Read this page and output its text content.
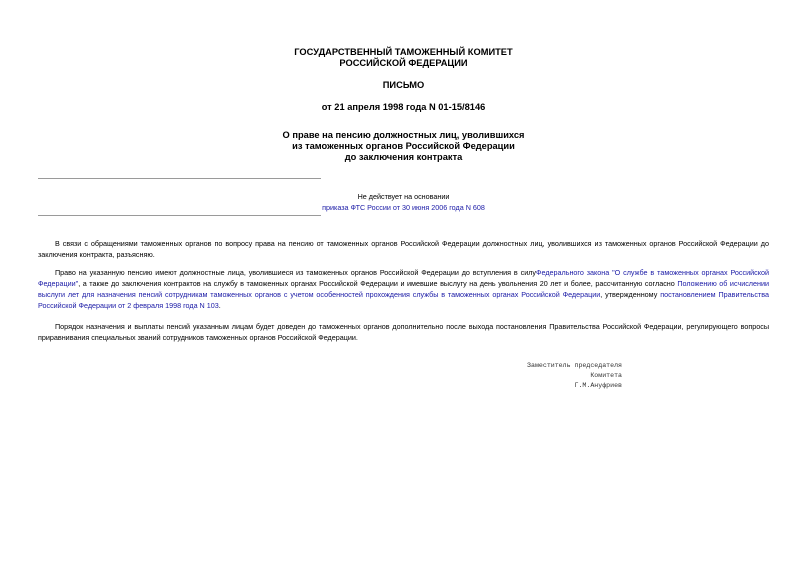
ГОСУДАРСТВЕННЫЙ ТАМОЖЕННЫЙ КОМИТЕТ
РОССИЙСКОЙ ФЕДЕРАЦИИ
ПИСЬМО
от 21 апреля 1998 года N 01-15/8146
О праве на пенсию должностных лиц, уволившихся
из таможенных органов Российской Федерации
до заключения контракта
Не действует на основании
приказа ФТС России от 30 июня 2006 года N 608

В связи с обращениями таможенных органов по вопросу права на пенсию от таможенных органов Российской Федерации должностных лиц, уволившихся из таможенных органов Российской Федерации до заключения контракта, разъясняю.

Право на указанную пенсию имеют должностные лица, уволившиеся из таможенных органов Российской Федерации до вступления в силуФедерального закона "О службе в таможенных органах Российской Федерации", а также до заключения контрактов на службу в таможенных органах Российской Федерации и имевшие выслугу на день увольнения 20 лет и более, рассчитанную согласно Положению об исчислении выслуги лет для назначения пенсий сотрудникам таможенных органов с учетом особенностей прохождения службы в таможенных органах Российской Федерации, утвержденному постановлением Правительства Российской Федерации от 2 февраля 1998 года N 103.

Порядок назначения и выплаты пенсий указанным лицам будет доведен до таможенных органов дополнительно после выхода постановления Правительства Российской Федерации, регулирующего вопросы приравнивания специальных званий сотрудников таможенных органов Российской Федерации.

Заместитель председателя
Комитета
Г.М.Ануфриев
